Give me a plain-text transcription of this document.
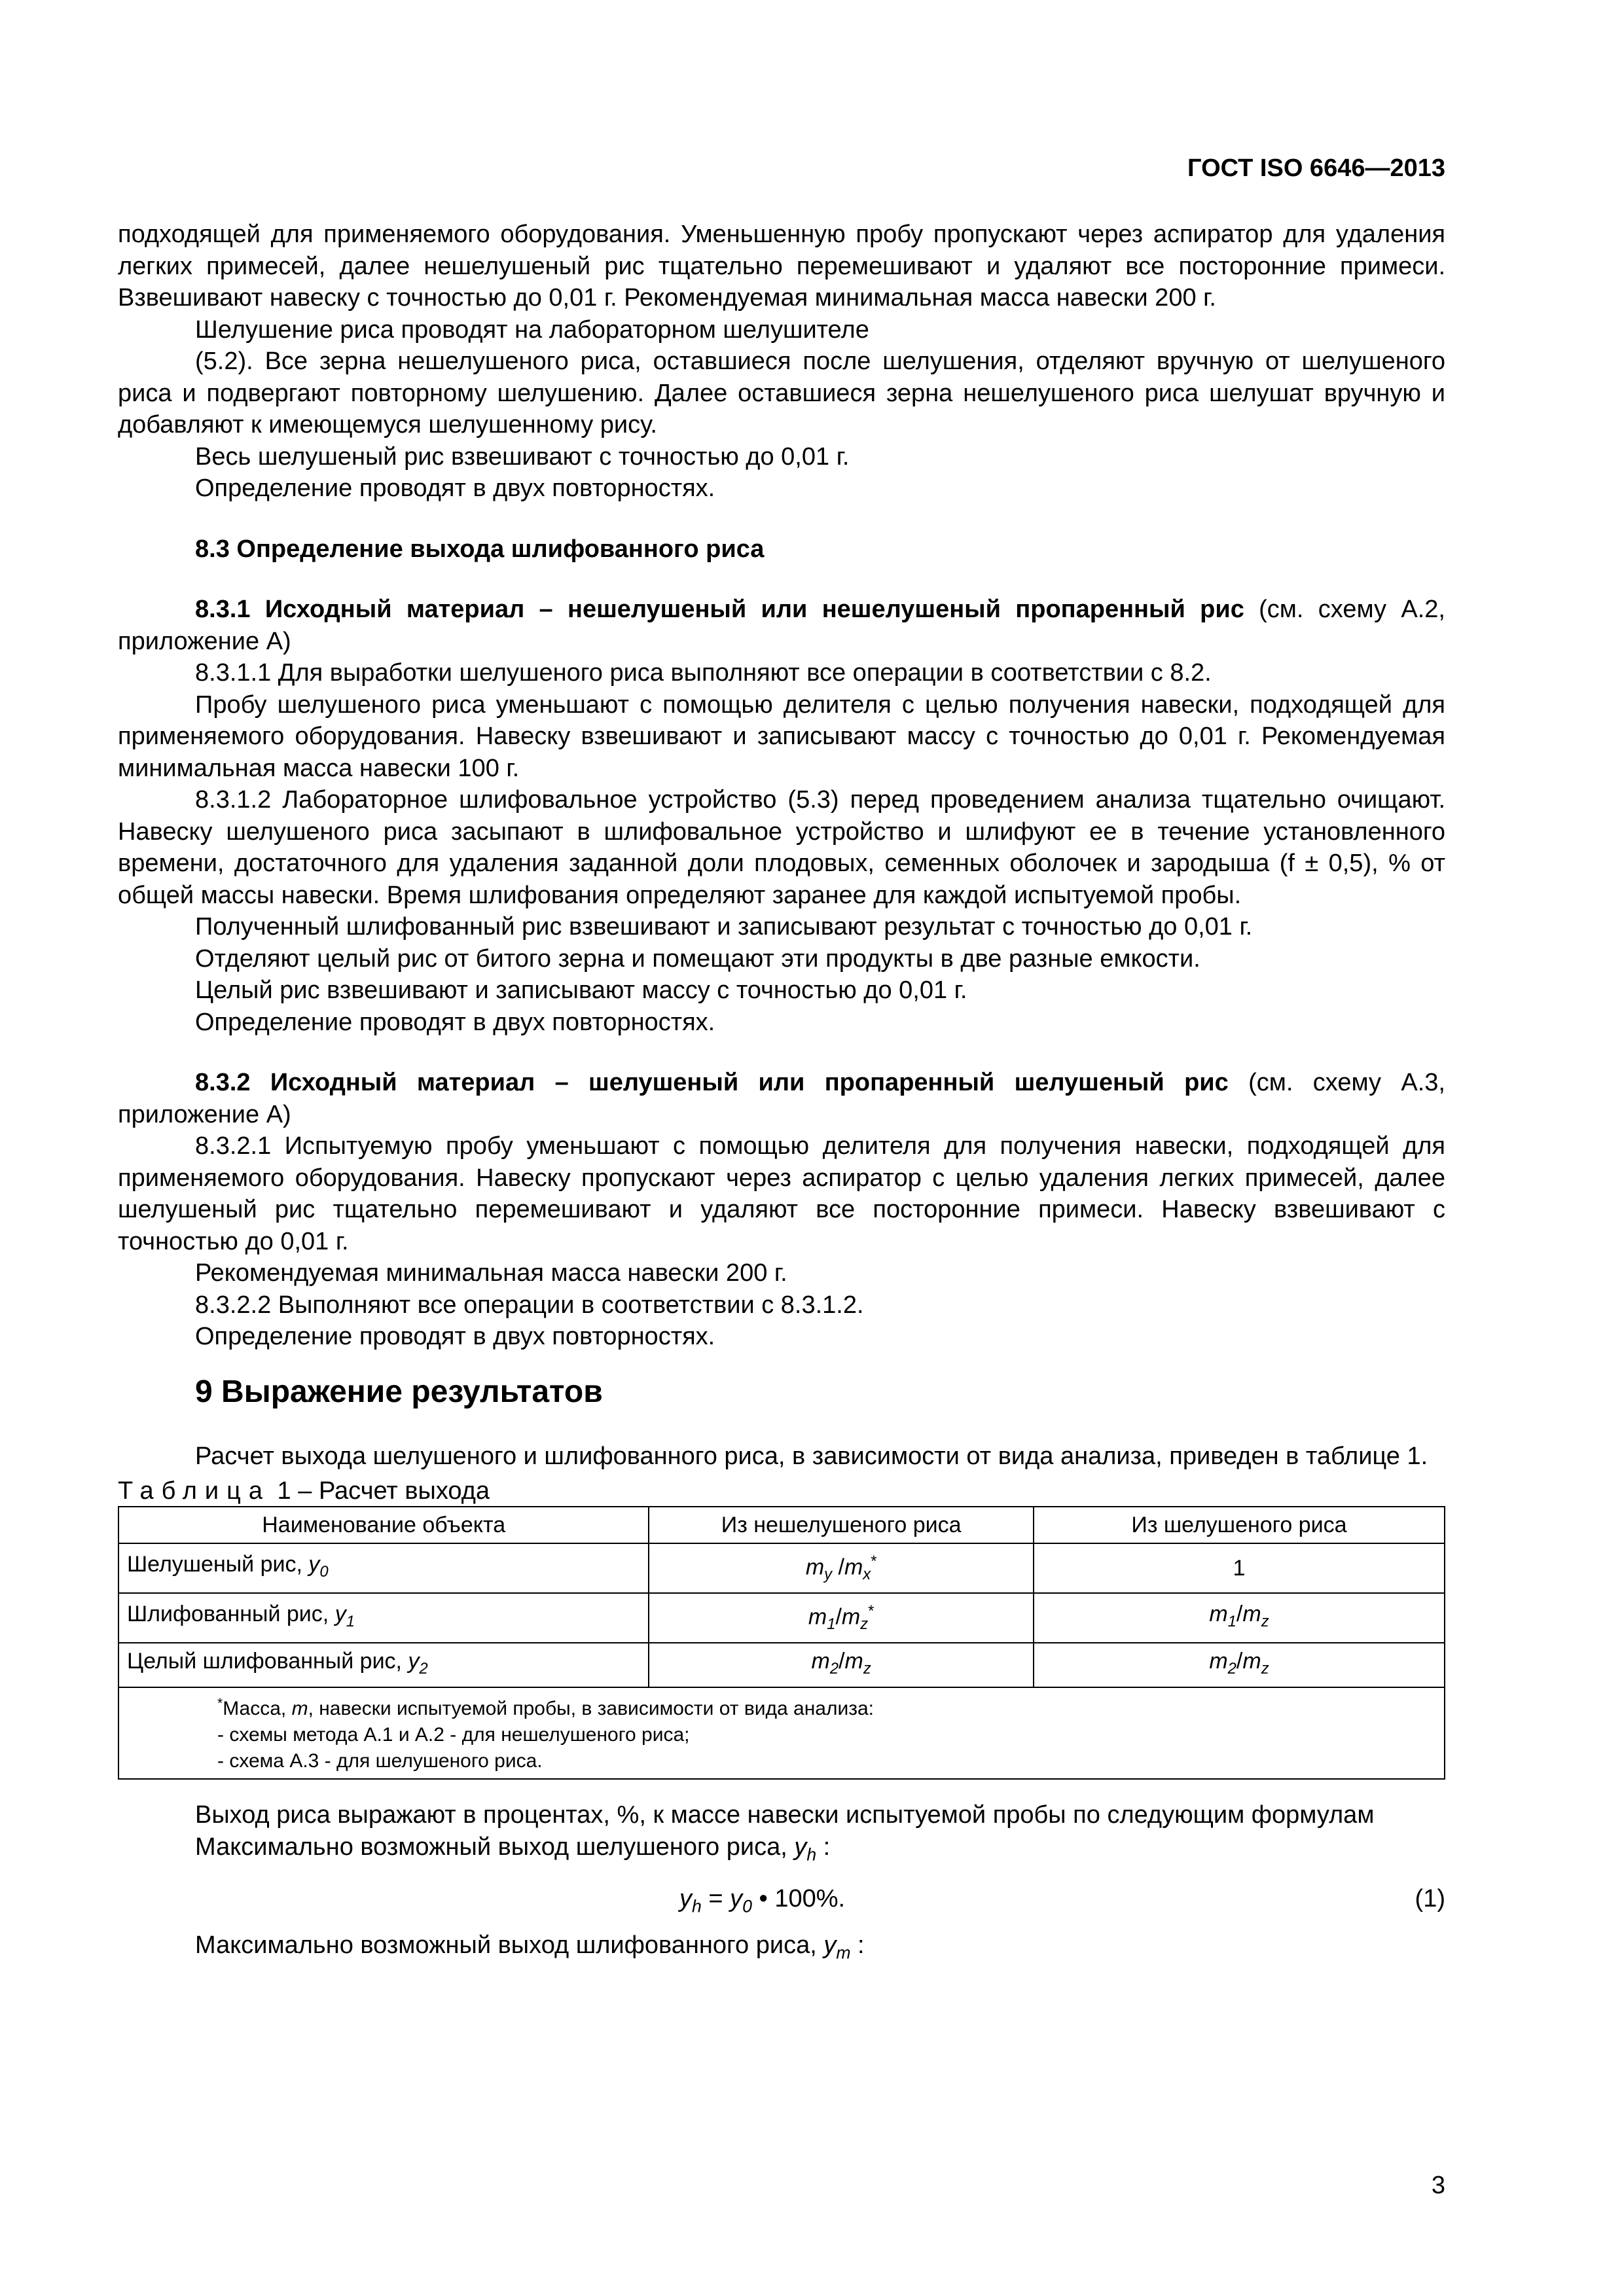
ГОСТ ISO 6646—2013

подходящей для применяемого оборудования. Уменьшенную пробу пропускают через аспиратор для удаления легких примесей, далее нешелушеный рис тщательно перемешивают и удаляют все посторонние примеси. Взвешивают навеску с точностью до 0,01 г. Рекомендуемая минимальная масса навески 200 г.

Шелушение риса проводят на лабораторном шелушителе

(5.2). Все зерна нешелушеного риса, оставшиеся после шелушения, отделяют вручную от шелушеного риса и подвергают повторному шелушению. Далее оставшиеся зерна нешелушеного риса шелушат вручную и добавляют к имеющемуся шелушенному рису.

Весь шелушеный рис взвешивают с точностью до 0,01 г.

Определение проводят в двух повторностях.

8.3 Определение выхода шлифованного риса

8.3.1 Исходный материал – нешелушеный или нешелушеный пропаренный рис (см. схему А.2, приложение А)

8.3.1.1 Для выработки шелушеного риса выполняют все операции в соответствии с 8.2.

Пробу шелушеного риса уменьшают с помощью делителя с целью получения навески, подходящей для применяемого оборудования. Навеску взвешивают и записывают массу с точностью до 0,01 г. Рекомендуемая минимальная масса навески 100 г.

8.3.1.2 Лабораторное шлифовальное устройство (5.3) перед проведением анализа тщательно очищают. Навеску шелушеного риса засыпают в шлифовальное устройство и шлифуют ее в течение установленного времени, достаточного для удаления заданной доли плодовых, семенных оболочек и зародыша (f ± 0,5), % от общей массы навески. Время шлифования определяют заранее для каждой испытуемой пробы.

Полученный шлифованный рис взвешивают и записывают результат с точностью до 0,01 г.

Отделяют целый рис от битого зерна и помещают эти продукты в две разные емкости.

Целый рис взвешивают и записывают массу с точностью до 0,01 г.

Определение проводят в двух повторностях.

8.3.2 Исходный материал – шелушеный или пропаренный шелушеный рис (см. схему А.3, приложение А)

8.3.2.1 Испытуемую пробу уменьшают с помощью делителя для получения навески, подходящей для применяемого оборудования. Навеску пропускают через аспиратор с целью удаления легких примесей, далее шелушеный рис тщательно перемешивают и удаляют все посторонние примеси. Навеску взвешивают с точностью до 0,01 г.

Рекомендуемая минимальная масса навески 200 г.

8.3.2.2 Выполняют все операции в соответствии с 8.3.1.2.

Определение проводят в двух повторностях.

9 Выражение результатов

Расчет выхода шелушеного и шлифованного риса, в зависимости от вида анализа, приведен в таблице 1.

Таблица 1 – Расчет выхода

Наименование объекта	Из нешелушеного риса	Из шелушеного риса
Шелушеный рис, $y_0$	$m_y$ $/m_x^*$	1
Шлифованный рис, $y_1$	$m_1/m_z^*$	$m_1/m_z$
Целый шлифованный рис, $y_2$	$m_2/m_z$	$m_2/m_z$

*Масса, m, навески испытуемой пробы, в зависимости от вида анализа:
- схемы метода А.1 и А.2 - для нешелушеного риса;
- схема А.3 - для шелушеного риса.		

Выход риса выражают в процентах, %, к массе навески испытуемой пробы по следующим формулам

Максимально возможный выход шелушеного риса, $y_h$ :

$y_h = y_0$ • 100%.	(1)

Максимально возможный выход шлифованного риса, $y_m$ :

3
